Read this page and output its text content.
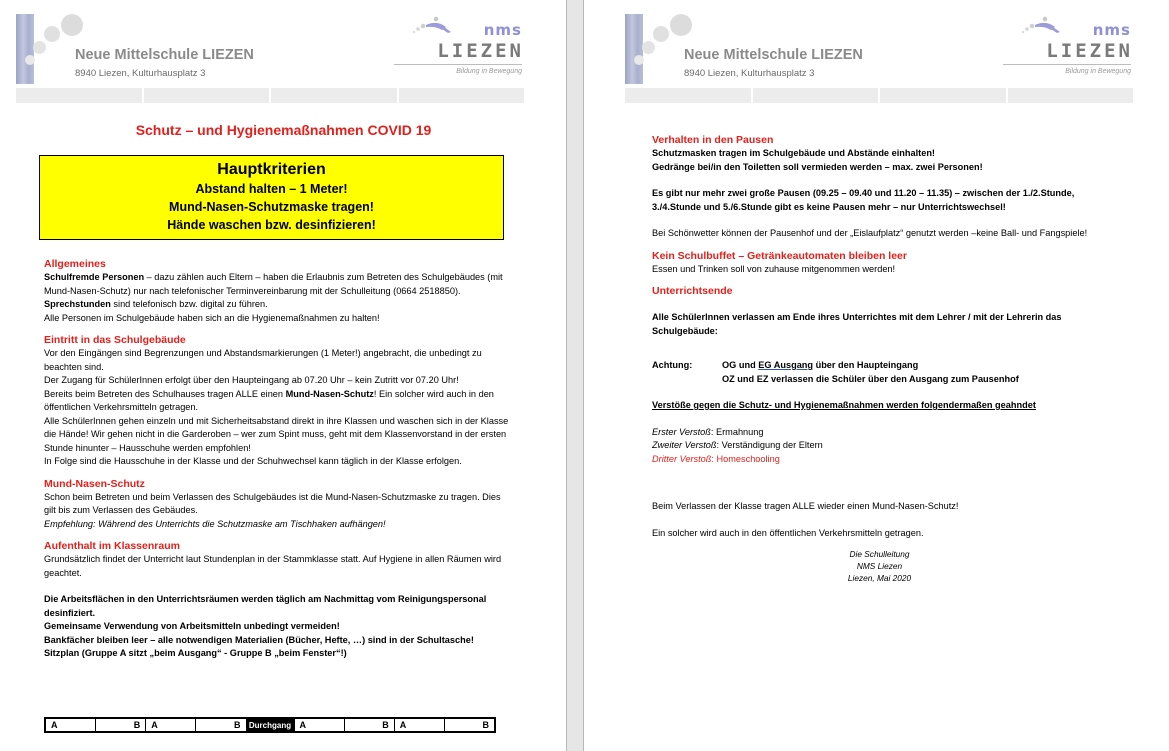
Neue Mittelschule LIEZEN
8940 Liezen, Kulturhausplatz 3
nms
LIEZEN
Bildung in Bewegung
Schutz – und Hygienemaßnahmen COVID 19
Hauptkriterien
Abstand halten – 1 Meter!
Mund-Nasen-Schutzmaske tragen!
Hände waschen bzw. desinfizieren!
Allgemeines
Schulfremde Personen – dazu zählen auch Eltern – haben die Erlaubnis zum Betreten des Schulgebäudes (mit Mund-Nasen-Schutz) nur nach telefonischer Terminvereinbarung mit der Schulleitung (0664 2518850).
Sprechstunden sind telefonisch bzw. digital zu führen.
Alle Personen im Schulgebäude haben sich an die Hygienemaßnahmen zu halten!
Eintritt in das Schulgebäude
Vor den Eingängen sind Begrenzungen und Abstandsmarkierungen (1 Meter!) angebracht, die unbedingt zu beachten sind.
Der Zugang für SchülerInnen erfolgt über den Haupteingang ab 07.20 Uhr – kein Zutritt vor 07.20 Uhr!
Bereits beim Betreten des Schulhauses tragen ALLE einen Mund-Nasen-Schutz! Ein solcher wird auch in den öffentlichen Verkehrsmitteln getragen.
Alle SchülerInnen gehen einzeln und mit Sicherheitsabstand direkt in ihre Klassen und waschen sich in der Klasse die Hände! Wir gehen nicht in die Garderoben – wer zum Spint muss, geht mit dem Klassenvorstand in der ersten Stunde hinunter – Hausschuhe werden empfohlen!
In Folge sind die Hausschuhe in der Klasse und der Schuhwechsel kann täglich in der Klasse erfolgen.
Mund-Nasen-Schutz
Schon beim Betreten und beim Verlassen des Schulgebäudes ist die Mund-Nasen-Schutzmaske zu tragen. Dies gilt bis zum Verlassen des Gebäudes.
Empfehlung: Während des Unterrichts die Schutzmaske am Tischhaken aufhängen!
Aufenthalt im Klassenraum
Grundsätzlich findet der Unterricht laut Stundenplan in der Stammklasse statt. Auf Hygiene in allen Räumen wird geachtet.
Die Arbeitsflächen in den Unterrichtsräumen werden täglich am Nachmittag vom Reinigungspersonal desinfiziert.
Gemeinsame Verwendung von Arbeitsmitteln unbedingt vermeiden!
Bankfächer bleiben leer – alle notwendigen Materialien (Bücher, Hefte, …) sind in der Schultasche!
Sitzplan (Gruppe A sitzt „beim Ausgang“ - Gruppe B „beim Fenster“!)
A	B	A	B	Durchgang A	B	A	B
Neue Mittelschule LIEZEN
8940 Liezen, Kulturhausplatz 3
nms
LIEZEN
Bildung in Bewegung
Verhalten in den Pausen
Schutzmasken tragen im Schulgebäude und Abstände einhalten!
Gedränge bei/in den Toiletten soll vermieden werden – max. zwei Personen!
Es gibt nur mehr zwei große Pausen (09.25 – 09.40 und 11.20 – 11.35) – zwischen der 1./2.Stunde, 3./4.Stunde und 5./6.Stunde gibt es keine Pausen mehr – nur Unterrichtswechsel!
Bei Schönwetter können der Pausenhof und der „Eislaufplatz“ genutzt werden –keine Ball- und Fangspiele!
Kein Schulbuffet – Getränkeautomaten bleiben leer
Essen und Trinken soll von zuhause mitgenommen werden!
Unterrichtsende
Alle SchülerInnen verlassen am Ende ihres Unterrichtes mit dem Lehrer / mit der Lehrerin das Schulgebäude:
Achtung:	OG und EG Ausgang über den Haupteingang
OZ und EZ verlassen die Schüler über den Ausgang zum Pausenhof
Verstöße gegen die Schutz- und Hygienemaßnahmen werden folgendermaßen geahndet
Erster Verstoß: Ermahnung
Zweiter Verstoß: Verständigung der Eltern
Dritter Verstoß: Homeschooling
Beim Verlassen der Klasse tragen ALLE wieder einen Mund-Nasen-Schutz!
Ein solcher wird auch in den öffentlichen Verkehrsmitteln getragen.
Die Schulleitung
NMS Liezen
Liezen, Mai 2020
